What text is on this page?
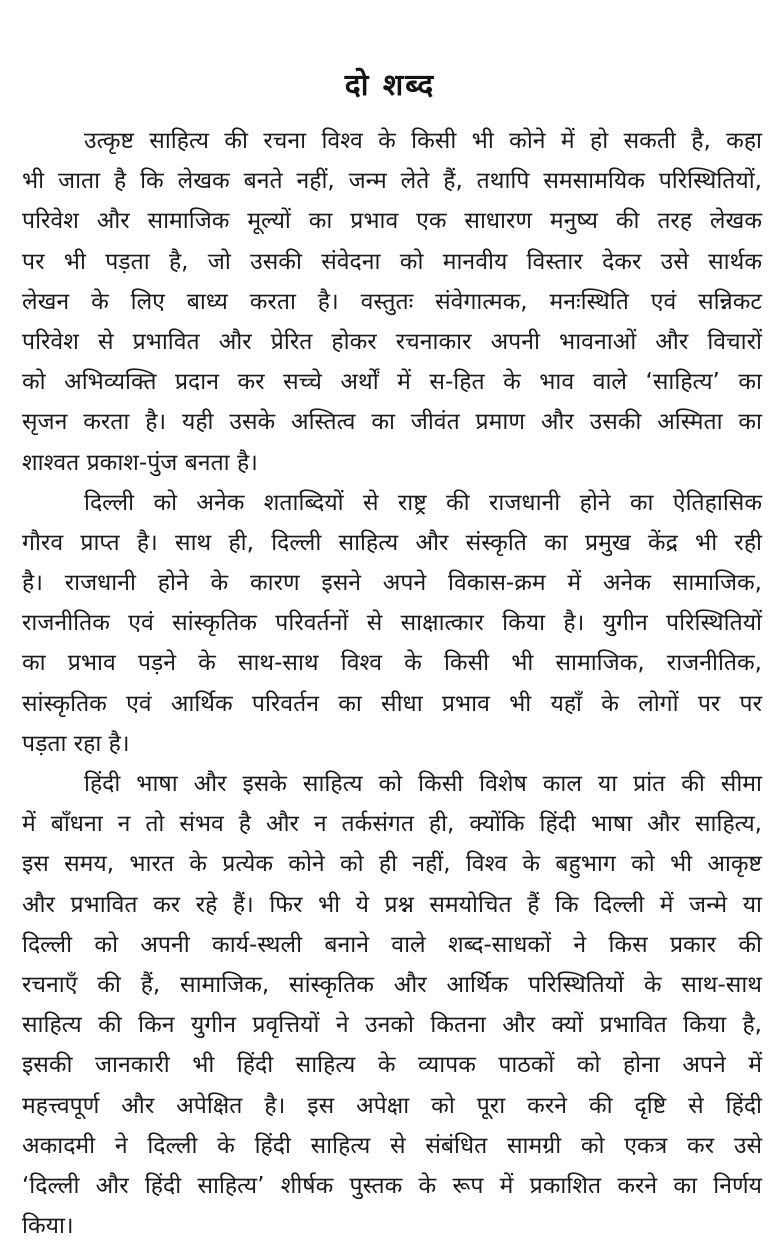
दो शब्द
उत्कृष्ट साहित्य की रचना विश्व के किसी भी कोने में हो सकती है, कहा
भी जाता है कि लेखक बनते नहीं, जन्म लेते हैं, तथापि समसामयिक परिस्थितियों,
परिवेश और सामाजिक मूल्यों का प्रभाव एक साधारण मनुष्य की तरह लेखक
पर भी पड़ता है, जो उसकी संवेदना को मानवीय विस्तार देकर उसे सार्थक
लेखन के लिए बाध्य करता है। वस्तुतः संवेगात्मक, मनःस्थिति एवं सन्निकट
परिवेश से प्रभावित और प्रेरित होकर रचनाकार अपनी भावनाओं और विचारों
को अभिव्यक्ति प्रदान कर सच्चे अर्थों में स-हित के भाव वाले ‘साहित्य’ का
सृजन करता है। यही उसके अस्तित्व का जीवंत प्रमाण और उसकी अस्मिता का
शाश्वत प्रकाश-पुंज बनता है।
दिल्ली को अनेक शताब्दियों से राष्ट्र की राजधानी होने का ऐतिहासिक
गौरव प्राप्त है। साथ ही, दिल्ली साहित्य और संस्कृति का प्रमुख केंद्र भी रही
है। राजधानी होने के कारण इसने अपने विकास-क्रम में अनेक सामाजिक,
राजनीतिक एवं सांस्कृतिक परिवर्तनों से साक्षात्कार किया है। युगीन परिस्थितियों
का प्रभाव पड़ने के साथ-साथ विश्व के किसी भी सामाजिक, राजनीतिक,
सांस्कृतिक एवं आर्थिक परिवर्तन का सीधा प्रभाव भी यहाँ के लोगों पर पर
पड़ता रहा है।
हिंदी भाषा और इसके साहित्य को किसी विशेष काल या प्रांत की सीमा
में बाँधना न तो संभव है और न तर्कसंगत ही, क्योंकि हिंदी भाषा और साहित्य,
इस समय, भारत के प्रत्येक कोने को ही नहीं, विश्व के बहुभाग को भी आकृष्ट
और प्रभावित कर रहे हैं। फिर भी ये प्रश्न समयोचित हैं कि दिल्ली में जन्मे या
दिल्ली को अपनी कार्य-स्थली बनाने वाले शब्द-साधकों ने किस प्रकार की
रचनाएँ की हैं, सामाजिक, सांस्कृतिक और आर्थिक परिस्थितियों के साथ-साथ
साहित्य की किन युगीन प्रवृत्तियों ने उनको कितना और क्यों प्रभावित किया है,
इसकी जानकारी भी हिंदी साहित्य के व्यापक पाठकों को होना अपने में
महत्त्वपूर्ण और अपेक्षित है। इस अपेक्षा को पूरा करने की दृष्टि से हिंदी
अकादमी ने दिल्ली के हिंदी साहित्य से संबंधित सामग्री को एकत्र कर उसे
‘दिल्ली और हिंदी साहित्य’ शीर्षक पुस्तक के रूप में प्रकाशित करने का निर्णय
किया।
